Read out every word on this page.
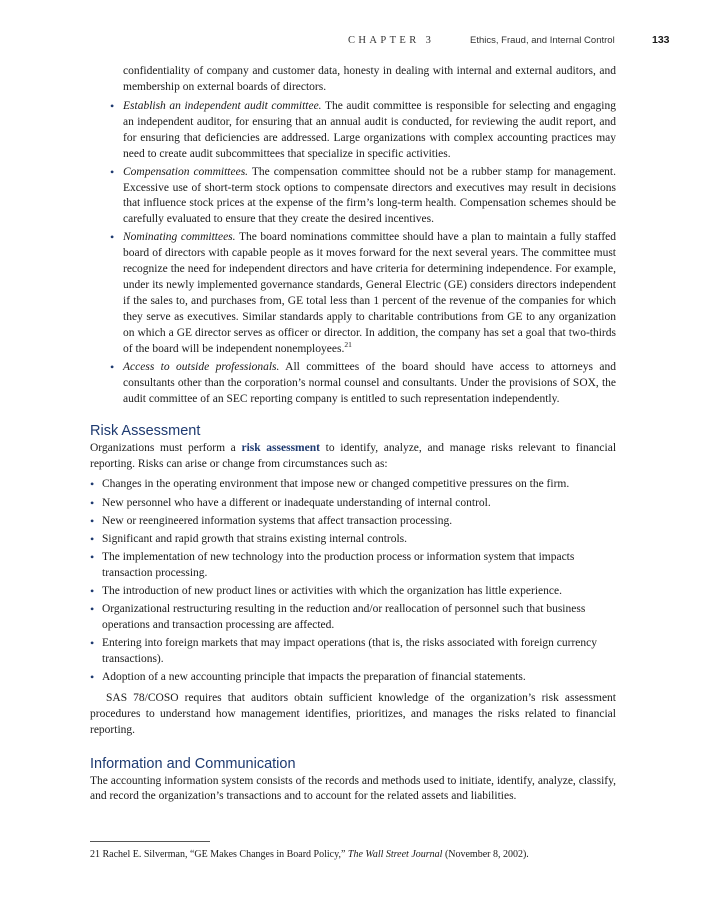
CHAPTER 3	Ethics, Fraud, and Internal Control	133

confidentiality of company and customer data, honesty in dealing with internal and external auditors, and membership on external boards of directors.

• Establish an independent audit committee. The audit committee is responsible for selecting and engaging an independent auditor, for ensuring that an annual audit is conducted, for reviewing the audit report, and for ensuring that deficiencies are addressed. Large organizations with complex accounting practices may need to create audit subcommittees that specialize in specific activities.
• Compensation committees. The compensation committee should not be a rubber stamp for management. Excessive use of short-term stock options to compensate directors and executives may result in decisions that influence stock prices at the expense of the firm’s long-term health. Compensation schemes should be carefully evaluated to ensure that they create the desired incentives.
• Nominating committees. The board nominations committee should have a plan to maintain a fully staffed board of directors with capable people as it moves forward for the next several years. The committee must recognize the need for independent directors and have criteria for determining independence. For example, under its newly implemented governance standards, General Electric (GE) considers directors independent if the sales to, and purchases from, GE total less than 1 percent of the revenue of the companies for which they serve as executives. Similar standards apply to charitable contributions from GE to any organization on which a GE director serves as officer or director. In addition, the company has set a goal that two-thirds of the board will be independent nonemployees.$^{21}$
• Access to outside professionals. All committees of the board should have access to attorneys and consultants other than the corporation’s normal counsel and consultants. Under the provisions of SOX, the audit committee of an SEC reporting company is entitled to such representation independently.
Risk Assessment

Organizations must perform a risk assessment to identify, analyze, and manage risks relevant to financial reporting. Risks can arise or change from circumstances such as:

• Changes in the operating environment that impose new or changed competitive pressures on the firm.
• New personnel who have a different or inadequate understanding of internal control.
• New or reengineered information systems that affect transaction processing.
• Significant and rapid growth that strains existing internal controls.
• The implementation of new technology into the production process or information system that impacts transaction processing.
• The introduction of new product lines or activities with which the organization has little experience.
• Organizational restructuring resulting in the reduction and/or reallocation of personnel such that business operations and transaction processing are affected.
• Entering into foreign markets that may impact operations (that is, the risks associated with foreign currency transactions).
• Adoption of a new accounting principle that impacts the preparation of financial statements.

SAS 78/COSO requires that auditors obtain sufficient knowledge of the organization’s risk assessment procedures to understand how management identifies, prioritizes, and manages the risks related to financial reporting.

Information and Communication

The accounting information system consists of the records and methods used to initiate, identify, analyze, classify, and record the organization’s transactions and to account for the related assets and liabilities.

21 Rachel E. Silverman, “GE Makes Changes in Board Policy,” The Wall Street Journal (November 8, 2002).
